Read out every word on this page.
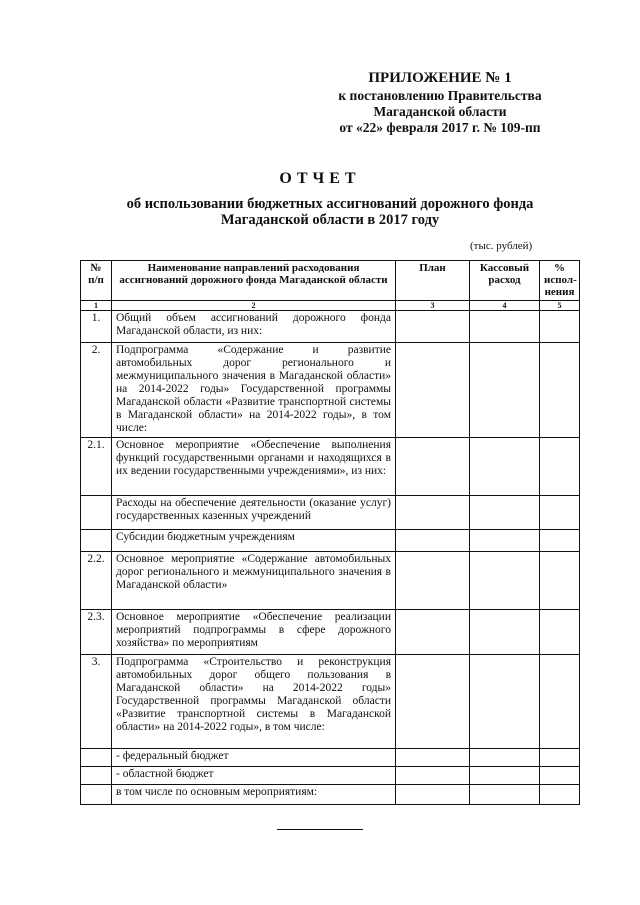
ПРИЛОЖЕНИЕ № 1
к постановлению Правительства
Магаданской области
от «22» февраля 2017 г. № 109-пп
ОТЧЕТ
об использовании бюджетных ассигнований дорожного фонда
Магаданской области в 2017 году
(тыс. рублей)
№ п/п	Наименование направлений расходования ассигнований дорожного фонда Магаданской области	План	Кассовый расход	% испол-нения
1	2	3	4	5
1.	Общий объем ассигнований дорожного фонда Магаданской области, из них:			
2.	Подпрограмма «Содержание и развитие автомобильных дорог регионального и межмуниципального значения в Магаданской области» на 2014-2022 годы» Государственной программы Магаданской области «Развитие транспортной системы в Магаданской области» на 2014-2022 годы», в том числе:			
2.1.	Основное мероприятие «Обеспечение выполнения функций государственными органами и находящихся в их ведении государственными учреждениями», из них:			
	Расходы на обеспечение деятельности (оказание услуг) государственных казенных учреждений			
	Субсидии бюджетным учреждениям			
2.2.	Основное мероприятие «Содержание автомобильных дорог регионального и межмуниципального значения в Магаданской области»			
2.3.	Основное мероприятие «Обеспечение реализации мероприятий подпрограммы в сфере дорожного хозяйства» по мероприятиям			
3.	Подпрограмма «Строительство и реконструкция автомобильных дорог общего пользования в Магаданской области» на 2014-2022 годы» Государственной программы Магаданской области «Развитие транспортной системы в Магаданской области» на 2014-2022 годы», в том числе:			
	- федеральный бюджет			
	- областной бюджет			
	в том числе по основным мероприятиям:			
